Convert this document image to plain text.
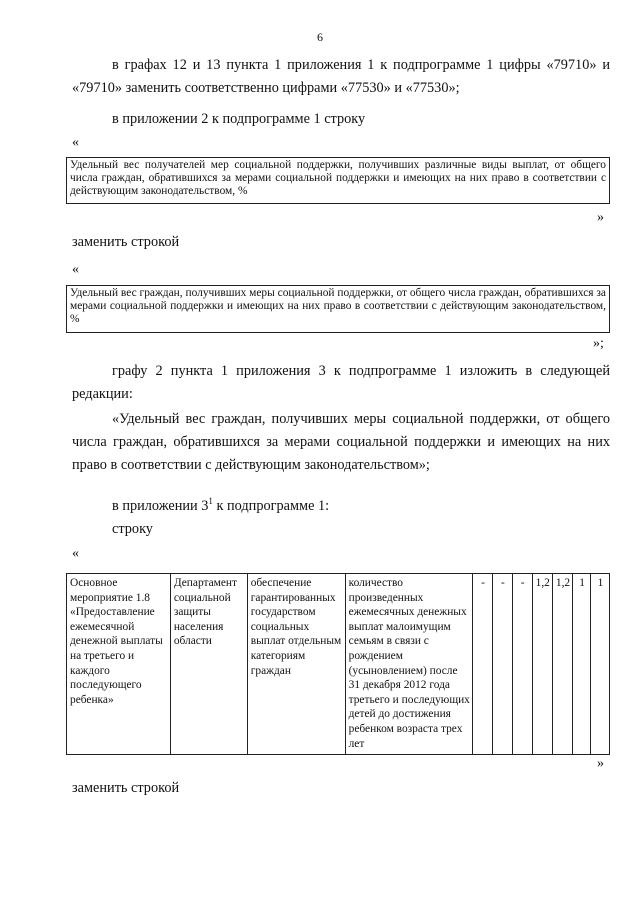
6
в графах 12 и 13 пункта 1 приложения 1 к подпрограмме 1 цифры «79710» и
«79710» заменить соответственно цифрами «77530» и «77530»;
в приложении 2 к подпрограмме 1 строку
«
Удельный вес получателей мер социальной поддержки, получивших различные виды выплат, от общего числа граждан, обратившихся за мерами социальной поддержки и имеющих на них право в соответствии с действующим законодательством, %
»
заменить строкой
«
Удельный вес граждан, получивших меры социальной поддержки, от общего числа граждан, обратившихся за мерами социальной поддержки и имеющих на них право в соответствии с действующим законодательством, %
»;
графу 2 пункта 1 приложения 3 к подпрограмме 1 изложить в следующей редакции:
«Удельный вес граждан, получивших меры социальной поддержки, от общего числа граждан, обратившихся за мерами социальной поддержки и имеющих на них право в соответствии с действующим законодательством»;
в приложении $3^1$ к подпрограмме 1:
строку
«
Основное мероприятие 1.8 «Предоставление ежемесячной денежной выплаты на третьего и каждого последующего ребенка»	Департамент социальной защиты населения области	обеспечение гарантированных государством социальных выплат отдельным категориям граждан	количество произведенных ежемесячных денежных выплат малоимущим семьям в связи с рождением (усыновлением) после 31 декабря 2012 года третьего и последующих детей до достижения ребенком возраста трех лет	-	-	-	1,2	1,2	1	1
»
заменить строкой
